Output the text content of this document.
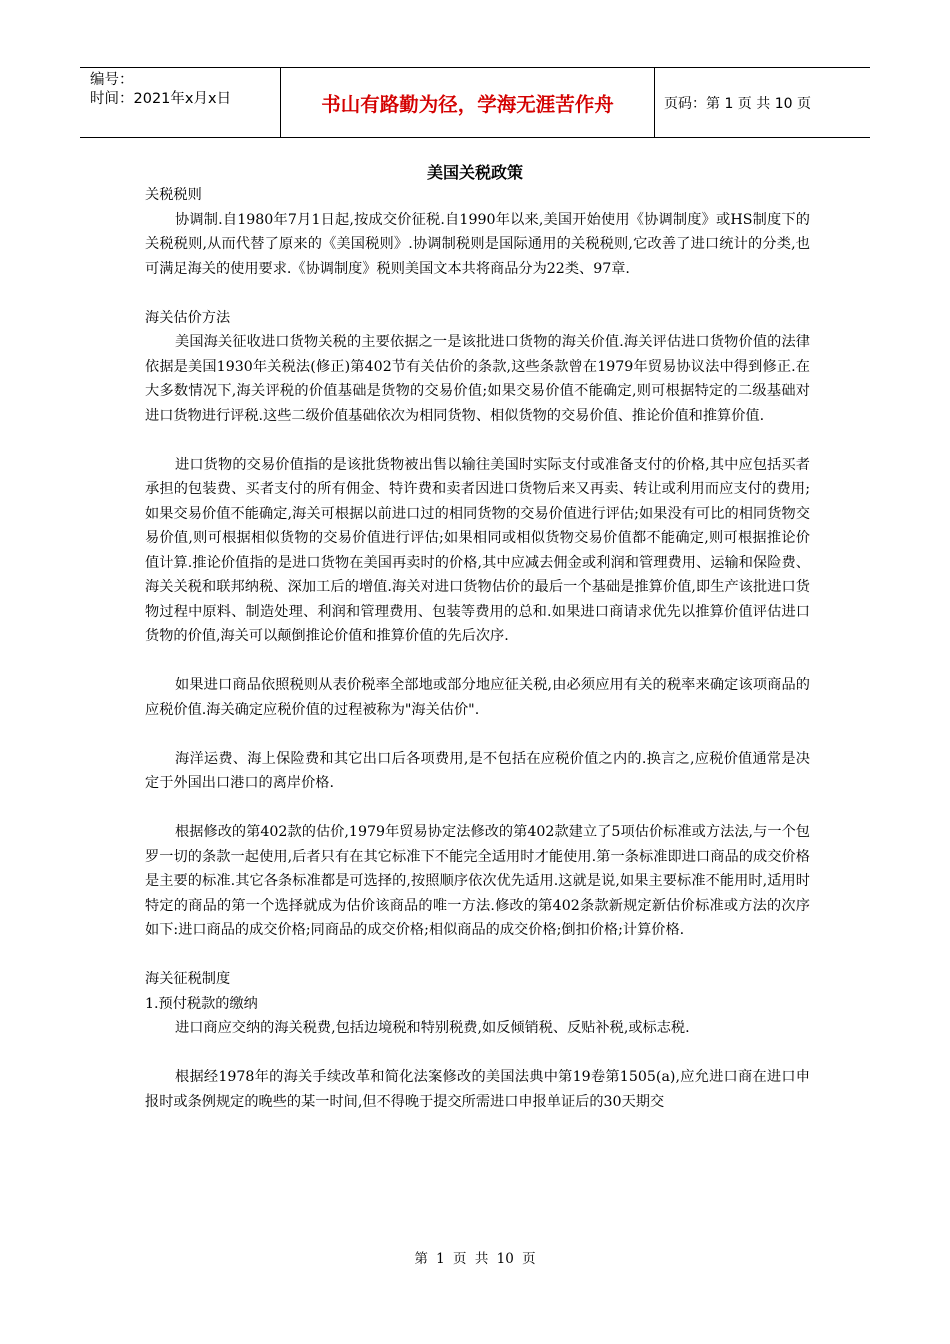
编号：
时间：2021年x月x日	书山有路勤为径，学海无涯苦作舟	页码：第 1 页 共 10 页
美国关税政策

关税税则

协调制.自1980年7月1日起,按成交价征税.自1990年以来,美国开始使用《协调制度》或HS制度下的关税税则,从而代替了原来的《美国税则》.协调制税则是国际通用的关税税则,它改善了进口统计的分类,也可满足海关的使用要求.《协调制度》税则美国文本共将商品分为22类、97章.

海关估价方法

美国海关征收进口货物关税的主要依据之一是该批进口货物的海关价值.海关评估进口货物价值的法律依据是美国1930年关税法(修正)第402节有关估价的条款,这些条款曾在1979年贸易协议法中得到修正.在大多数情况下,海关评税的价值基础是货物的交易价值;如果交易价值不能确定,则可根据特定的二级基础对进口货物进行评税.这些二级价值基础依次为相同货物、相似货物的交易价值、推论价值和推算价值.

进口货物的交易价值指的是该批货物被出售以输往美国时实际支付或准备支付的价格,其中应包括买者承担的包装费、买者支付的所有佣金、特许费和卖者因进口货物后来又再卖、转让或利用而应支付的费用;如果交易价值不能确定,海关可根据以前进口过的相同货物的交易价值进行评估;如果没有可比的相同货物交易价值,则可根据相似货物的交易价值进行评估;如果相同或相似货物交易价值都不能确定,则可根据推论价值计算.推论价值指的是进口货物在美国再卖时的价格,其中应减去佣金或利润和管理费用、运输和保险费、海关关税和联邦纳税、深加工后的增值.海关对进口货物估价的最后一个基础是推算价值,即生产该批进口货物过程中原料、制造处理、利润和管理费用、包装等费用的总和.如果进口商请求优先以推算价值评估进口货物的价值,海关可以颠倒推论价值和推算价值的先后次序.

如果进口商品依照税则从表价税率全部地或部分地应征关税,由必须应用有关的税率来确定该项商品的应税价值.海关确定应税价值的过程被称为"海关估价".

海洋运费、海上保险费和其它出口后各项费用,是不包括在应税价值之内的.换言之,应税价值通常是决定于外国出口港口的离岸价格.

根据修改的第402款的估价,1979年贸易协定法修改的第402款建立了5项估价标准或方法法,与一个包罗一切的条款一起使用,后者只有在其它标准下不能完全适用时才能使用.第一条标准即进口商品的成交价格是主要的标准.其它各条标准都是可选择的,按照顺序依次优先适用.这就是说,如果主要标准不能用时,适用时特定的商品的第一个选择就成为估价该商品的唯一方法.修改的第402条款新规定新估价标准或方法的次序如下:进口商品的成交价格;同商品的成交价格;相似商品的成交价格;倒扣价格;计算价格.

海关征税制度

1.预付税款的缴纳

进口商应交纳的海关税费,包括边境税和特别税费,如反倾销税、反贴补税,或标志税.

根据经1978年的海关手续改革和简化法案修改的美国法典中第19卷第1505(a),应允进口商在进口申报时或条例规定的晚些的某一时间,但不得晚于提交所需进口申报单证后的30天期交

第 1 页 共 10 页
